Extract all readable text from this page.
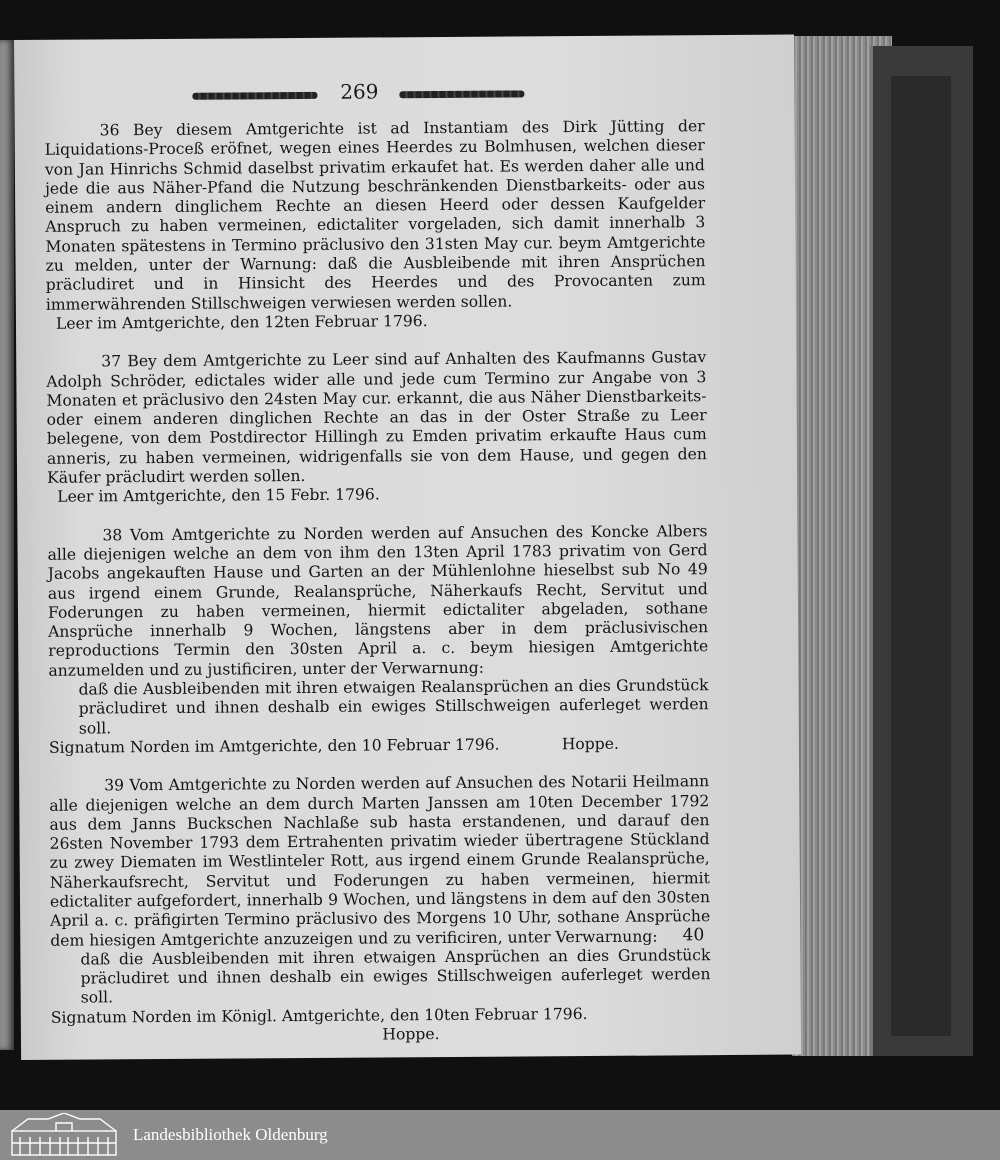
269

36 Bey diesem Amtgerichte ist ad Instantiam des Dirk Jütting der Liquidations-Proceß eröfnet, wegen eines Heerdes zu Bolmhusen, welchen dieser von Jan Hinrichs Schmid daselbst privatim erkaufet hat. Es werden daher alle und jede die aus Näher-Pfand die Nutzung beschränkenden Dienstbarkeits- oder aus einem andern dinglichem Rechte an diesen Heerd oder dessen Kaufgelder Anspruch zu haben vermeinen, edictaliter vorgeladen, sich damit innerhalb 3 Monaten spätestens in Termino präclusivo den 31sten May cur. beym Amtgerichte zu melden, unter der Warnung: daß die Ausbleibende mit ihren Ansprüchen präcludiret und in Hinsicht des Heerdes und des Provocanten zum immerwährenden Stillschweigen verwiesen werden sollen.

Leer im Amtgerichte, den 12ten Februar 1796.

37 Bey dem Amtgerichte zu Leer sind auf Anhalten des Kaufmanns Gustav Adolph Schröder, edictales wider alle und jede cum Termino zur Angabe von 3 Monaten et präclusivo den 24sten May cur. erkannt, die aus Näher Dienstbarkeits- oder einem anderen dinglichen Rechte an das in der Oster Straße zu Leer belegene, von dem Postdirector Hillingh zu Emden privatim erkaufte Haus cum anneris, zu haben vermeinen, widrigenfalls sie von dem Hause, und gegen den Käufer präcludirt werden sollen.

Leer im Amtgerichte, den 15 Febr. 1796.

38 Vom Amtgerichte zu Norden werden auf Ansuchen des Koncke Albers alle diejenigen welche an dem von ihm den 13ten April 1783 privatim von Gerd Jacobs angekauften Hause und Garten an der Mühlenlohne hieselbst sub No 49 aus irgend einem Grunde, Realansprüche, Näherkaufs Recht, Servitut und Foderungen zu haben vermeinen, hiermit edictaliter abgeladen, sothane Ansprüche innerhalb 9 Wochen, längstens aber in dem präclusivischen reproductions Termin den 30sten April a. c. beym hiesigen Amtgerichte anzumelden und zu justificiren, unter der Verwarnung:

daß die Ausbleibenden mit ihren etwaigen Realansprüchen an dies Grundstück präcludiret und ihnen deshalb ein ewiges Stillschweigen auferleget werden soll.

Signatum Norden im Amtgerichte, den 10 Februar 1796.	Hoppe.

39 Vom Amtgerichte zu Norden werden auf Ansuchen des Notarii Heilmann alle diejenigen welche an dem durch Marten Janssen am 10ten December 1792 aus dem Janns Buckschen Nachlaße sub hasta erstandenen, und darauf den 26sten November 1793 dem Ertrahenten privatim wieder übertragene Stückland zu zwey Diematen im Westlinteler Rott, aus irgend einem Grunde Realansprüche, Näherkaufsrecht, Servitut und Foderungen zu haben vermeinen, hiermit edictaliter aufgefordert, innerhalb 9 Wochen, und längstens in dem auf den 30sten April a. c. präfigirten Termino präclusivo des Morgens 10 Uhr, sothane Ansprüche dem hiesigen Amtgerichte anzuzeigen und zu verificiren, unter Verwarnung:

daß die Ausbleibenden mit ihren etwaigen Ansprüchen an dies Grundstück präcludiret und ihnen deshalb ein ewiges Stillschweigen auferleget werden soll.

Signatum Norden im Königl. Amtgerichte, den 10ten Februar 1796.

Hoppe.

40
Landesbibliothek Oldenburg
